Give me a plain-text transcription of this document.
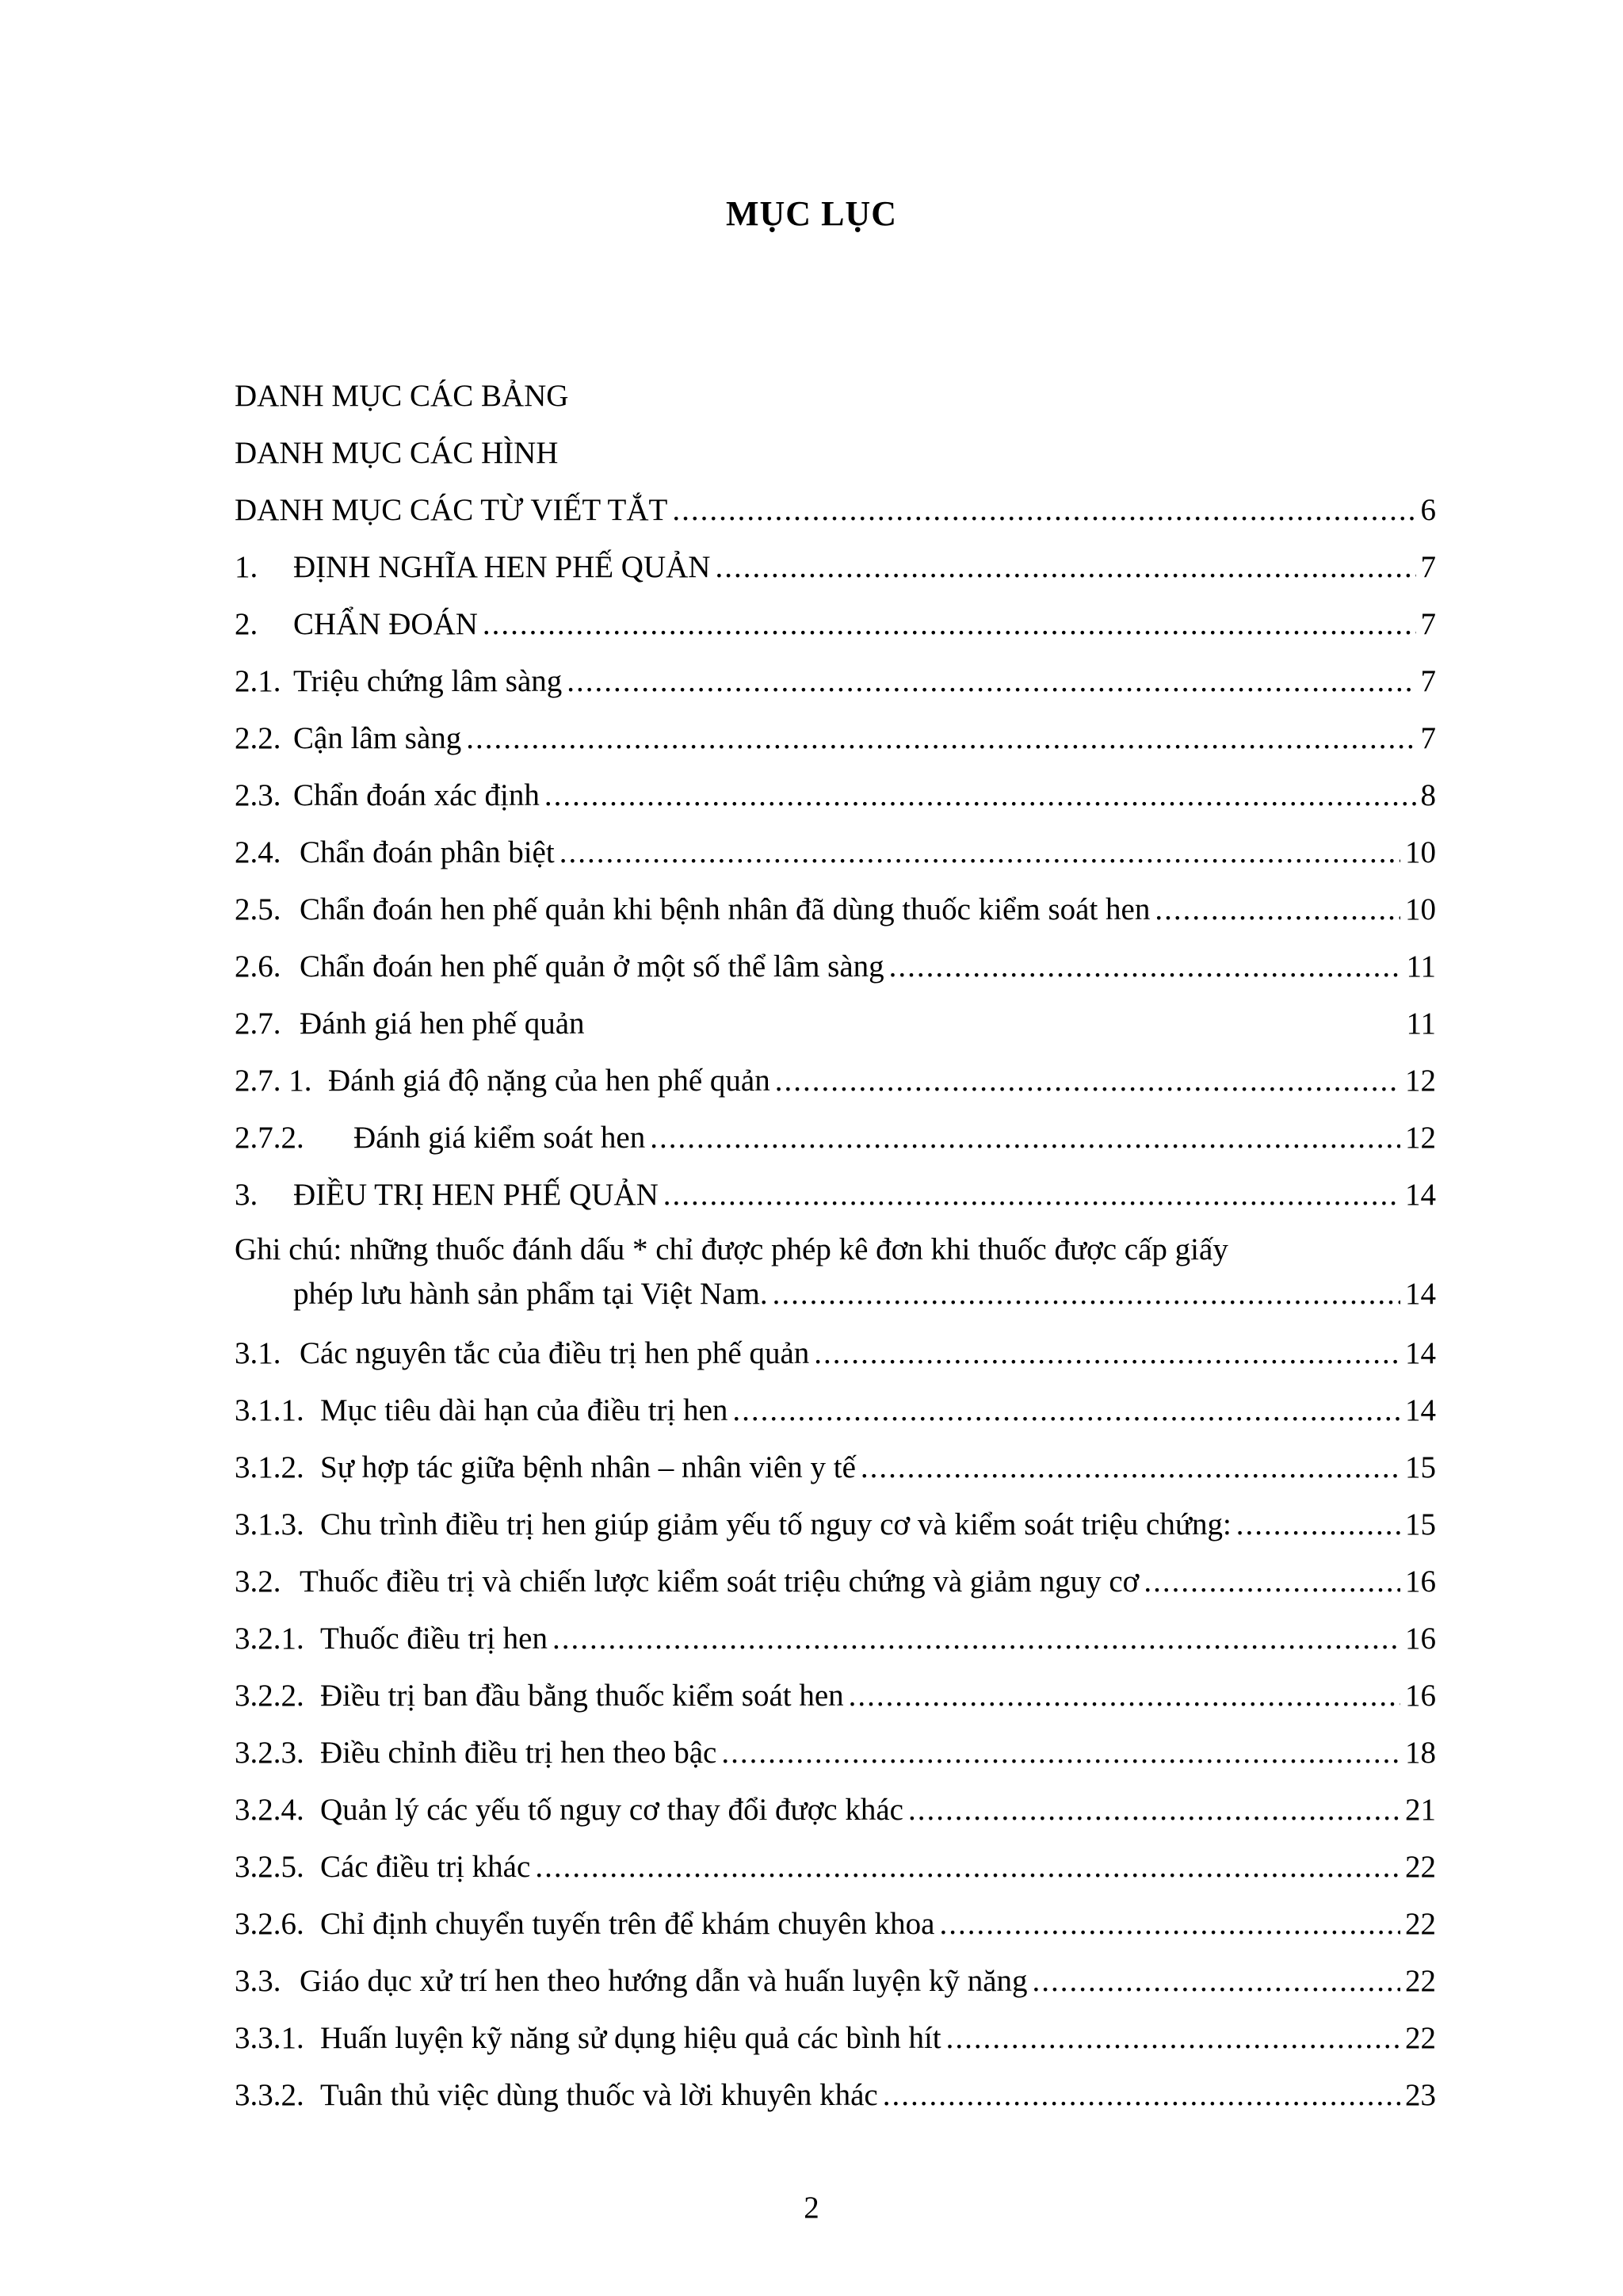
MỤC LỤC
DANH MỤC CÁC BẢNG
DANH MỤC CÁC HÌNH
DANH MỤC CÁC TỪ VIẾT TẮT .....	6
1.	ĐỊNH NGHĨA HEN PHẾ QUẢN .....	7
2.	CHẨN ĐOÁN .....	7
2.1. Triệu chứng lâm sàng .....	7
2.2. Cận lâm sàng .....	7
2.3. Chẩn đoán xác định .....	8
2.4. Chẩn đoán phân biệt .....	10
2.5. Chẩn đoán hen phế quản khi bệnh nhân đã dùng thuốc kiểm soát hen .....	10
2.6. Chẩn đoán hen phế quản ở một số thể lâm sàng .....	11
2.7. Đánh giá hen phế quản	11
2.7. 1. Đánh giá độ nặng của hen phế quản .....	12
2.7.2.	Đánh giá kiểm soát hen .....	12
3.	ĐIỀU TRỊ HEN PHẾ QUẢN .....	14
Ghi chú: những thuốc đánh dấu * chỉ được phép kê đơn khi thuốc được cấp giấy
phép lưu hành sản phẩm tại Việt Nam. .....	14
3.1. Các nguyên tắc của điều trị hen phế quản .....	14
3.1.1. Mục tiêu dài hạn của điều trị hen .....	14
3.1.2. Sự hợp tác giữa bệnh nhân – nhân viên y tế .....	15
3.1.3. Chu trình điều trị hen giúp giảm yếu tố nguy cơ và kiểm soát triệu chứng: .....	15
3.2. Thuốc điều trị và chiến lược kiểm soát triệu chứng và giảm nguy cơ .....	16
3.2.1. Thuốc điều trị hen .....	16
3.2.2. Điều trị ban đầu bằng thuốc kiểm soát hen .....	16
3.2.3. Điều chỉnh điều trị hen theo bậc .....	18
3.2.4. Quản lý các yếu tố nguy cơ thay đổi được khác .....	21
3.2.5. Các điều trị khác .....	22
3.2.6. Chỉ định chuyển tuyến trên để khám chuyên khoa .....	22
3.3. Giáo dục xử trí hen theo hướng dẫn và huấn luyện kỹ năng .....	22
3.3.1. Huấn luyện kỹ năng sử dụng hiệu quả các bình hít .....	22
3.3.2. Tuân thủ việc dùng thuốc và lời khuyên khác .....	23
2
